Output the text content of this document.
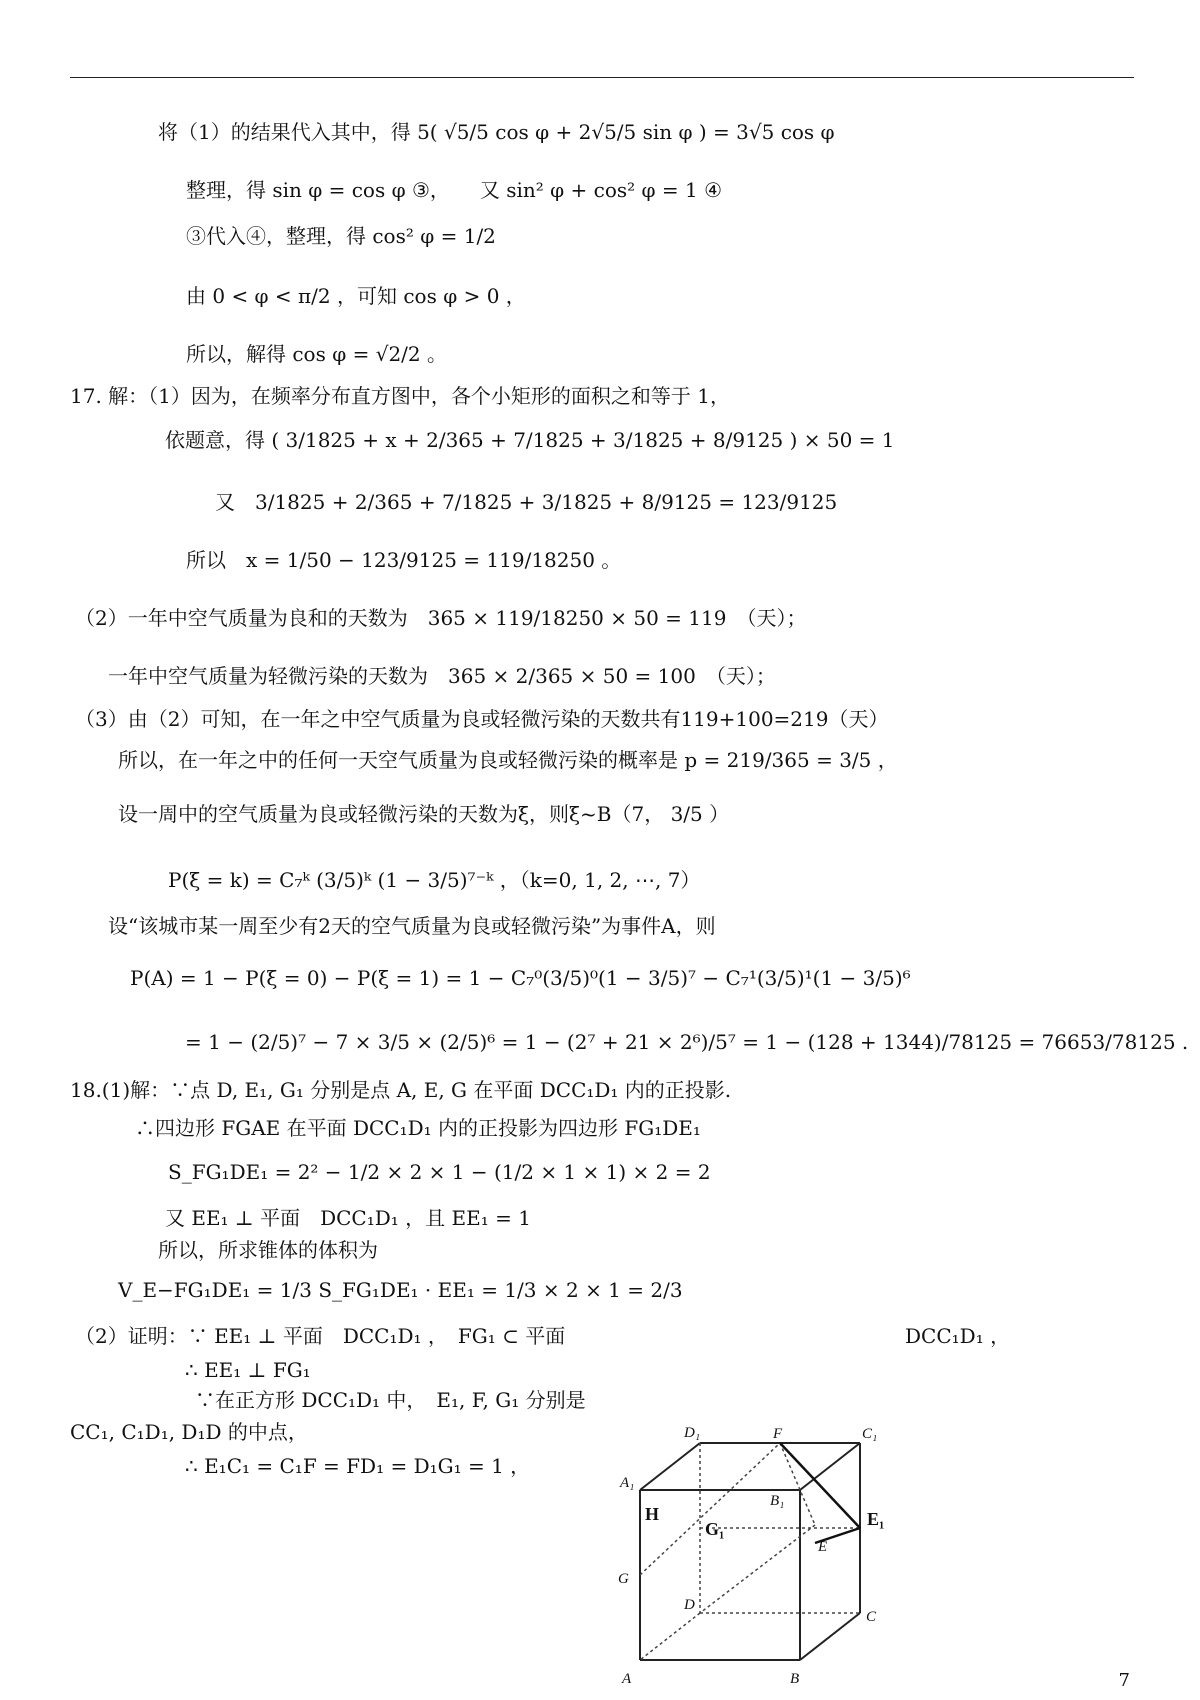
将（1）的结果代入其中，得 5( √5/5 cos φ + 2√5/5 sin φ ) = 3√5 cos φ
整理，得 sin φ = cos φ ③，　　又 sin² φ + cos² φ = 1 ④
③代入④，整理，得 cos² φ = 1/2
由 0 < φ < π/2 ，可知 cos φ > 0 ，
所以，解得 cos φ = √2/2 。
17. 解：（1）因为，在频率分布直方图中，各个小矩形的面积之和等于 1，
依题意，得 ( 3/1825 + x + 2/365 + 7/1825 + 3/1825 + 8/9125 ) × 50 = 1
又　3/1825 + 2/365 + 7/1825 + 3/1825 + 8/9125 = 123/9125
所以　x = 1/50 − 123/9125 = 119/18250 。
（2）一年中空气质量为良和的天数为　365 × 119/18250 × 50 = 119　（天）；
一年中空气质量为轻微污染的天数为　365 × 2/365 × 50 = 100　（天）；
（3）由（2）可知，在一年之中空气质量为良或轻微污染的天数共有119+100=219（天）
所以，在一年之中的任何一天空气质量为良或轻微污染的概率是 p = 219/365 = 3/5 ，
设一周中的空气质量为良或轻微污染的天数为ξ，则ξ~B（7， 3/5 ）
P(ξ = k) = C₇ᵏ (3/5)ᵏ (1 − 3/5)⁷⁻ᵏ ，（k=0, 1, 2, ⋯, 7）
设“该城市某一周至少有2天的空气质量为良或轻微污染”为事件A，则
P(A) = 1 − P(ξ = 0) − P(ξ = 1) = 1 − C₇⁰(3/5)⁰(1 − 3/5)⁷ − C₇¹(3/5)¹(1 − 3/5)⁶
= 1 − (2/5)⁷ − 7 × 3/5 × (2/5)⁶ = 1 − (2⁷ + 21 × 2⁶)/5⁷ = 1 − (128 + 1344)/78125 = 76653/78125 .
18.(1)解：∵点 D, E₁, G₁ 分别是点 A, E, G 在平面 DCC₁D₁ 内的正投影.
∴四边形 FGAE 在平面 DCC₁D₁ 内的正投影为四边形 FG₁DE₁
S_FG₁DE₁ = 2² − 1/2 × 2 × 1 − (1/2 × 1 × 1) × 2 = 2
又 EE₁ ⊥ 平面　DCC₁D₁ ，且 EE₁ = 1
所以，所求锥体的体积为
V_E−FG₁DE₁ = 1/3 S_FG₁DE₁ · EE₁ = 1/3 × 2 × 1 = 2/3
（2）证明：∵ EE₁ ⊥ 平面　DCC₁D₁ ，　FG₁ ⊂ 平面	DCC₁D₁ ，
∴ EE₁ ⊥ FG₁
∵在正方形 DCC₁D₁ 中，　E₁, F, G₁ 分别是
CC₁, C₁D₁, D₁D 的中点，
∴ E₁C₁ = C₁F = FD₁ = D₁G₁ = 1 ，
D₁	F	C₁
A₁
B₁
H
G₁	E₁
E
G
D
C
A	B	7
